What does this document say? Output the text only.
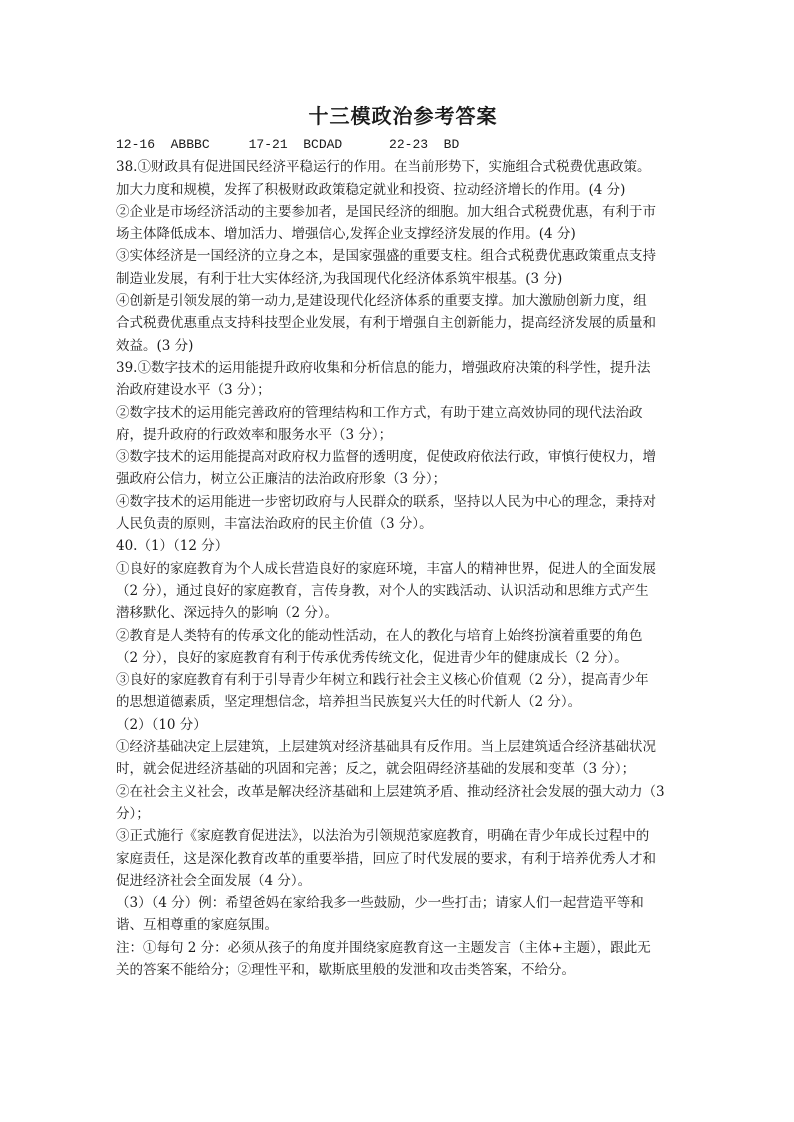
十三模政治参考答案
12-16  ABBBC     17-21  BCDAD      22-23  BD
38.①财政具有促进国民经济平稳运行的作用。在当前形势下，实施组合式税费优惠政策。
加大力度和规模，发挥了积极财政政策稳定就业和投资、拉动经济增长的作用。(4 分)
②企业是市场经济活动的主要参加者，是国民经济的细胞。加大组合式税费优惠，有利于市
场主体降低成本、增加活力、增强信心,发挥企业支撑经济发展的作用。(4 分)
③实体经济是一国经济的立身之本，是国家强盛的重要支柱。组合式税费优惠政策重点支持
制造业发展，有利于壮大实体经济,为我国现代化经济体系筑牢根基。(3 分)
④创新是引领发展的第一动力,是建设现代化经济体系的重要支撑。加大激励创新力度，组
合式税费优惠重点支持科技型企业发展，有利于增强自主创新能力，提高经济发展的质量和
效益。(3 分)
39.①数字技术的运用能提升政府收集和分析信息的能力，增强政府决策的科学性，提升法
治政府建设水平（3 分）；
②数字技术的运用能完善政府的管理结构和工作方式，有助于建立高效协同的现代法治政
府，提升政府的行政效率和服务水平（3 分）；
③数字技术的运用能提高对政府权力监督的透明度，促使政府依法行政，审慎行使权力，增
强政府公信力，树立公正廉洁的法治政府形象（3 分）；
④数字技术的运用能进一步密切政府与人民群众的联系，坚持以人民为中心的理念，秉持对
人民负责的原则，丰富法治政府的民主价值（3 分）。
40.（1）（12 分）
①良好的家庭教育为个人成长营造良好的家庭环境，丰富人的精神世界，促进人的全面发展
（2 分），通过良好的家庭教育，言传身教，对个人的实践活动、认识活动和思维方式产生
潜移默化、深远持久的影响（2 分）。
②教育是人类特有的传承文化的能动性活动，在人的教化与培育上始终扮演着重要的角色
（2 分），良好的家庭教育有利于传承优秀传统文化，促进青少年的健康成长（2 分）。
③良好的家庭教育有利于引导青少年树立和践行社会主义核心价值观（2 分），提高青少年
的思想道德素质，坚定理想信念，培养担当民族复兴大任的时代新人（2 分）。
（2）（10 分）
①经济基础决定上层建筑，上层建筑对经济基础具有反作用。当上层建筑适合经济基础状况
时，就会促进经济基础的巩固和完善；反之，就会阻碍经济基础的发展和变革（3 分）；
②在社会主义社会，改革是解决经济基础和上层建筑矛盾、推动经济社会发展的强大动力（3
分）；
③正式施行《家庭教育促进法》，以法治为引领规范家庭教育，明确在青少年成长过程中的
家庭责任，这是深化教育改革的重要举措，回应了时代发展的要求，有利于培养优秀人才和
促进经济社会全面发展（4 分）。
（3）（4 分）例：希望爸妈在家给我多一些鼓励，少一些打击；请家人们一起营造平等和
谐、互相尊重的家庭氛围。
注：①每句 2 分：必须从孩子的角度并围绕家庭教育这一主题发言（主体+主题），跟此无
关的答案不能给分；②理性平和，歇斯底里般的发泄和攻击类答案，不给分。
